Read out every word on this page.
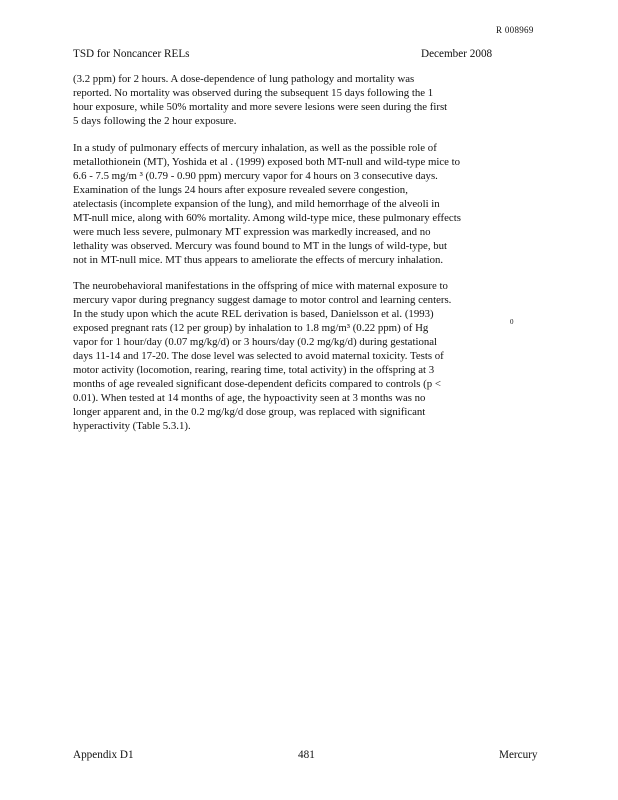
R 008969
TSD for Noncancer RELs	December 2008
(3.2 ppm) for 2 hours. A dose-dependence of lung pathology and mortality was
reported. No mortality was observed during the subsequent 15 days following the 1
hour exposure, while 50% mortality and more severe lesions were seen during the first
5 days following the 2 hour exposure.
In a study of pulmonary effects of mercury inhalation, as well as the possible role of
metallothionein (MT), Yoshida et al . (1999) exposed both MT-null and wild-type mice to
6.6 - 7.5 mg/m ³ (0.79 - 0.90 ppm) mercury vapor for 4 hours on 3 consecutive days.
Examination of the lungs 24 hours after exposure revealed severe congestion,
atelectasis (incomplete expansion of the lung), and mild hemorrhage of the alveoli in
MT-null mice, along with 60% mortality. Among wild-type mice, these pulmonary effects
were much less severe, pulmonary MT expression was markedly increased, and no
lethality was observed. Mercury was found bound to MT in the lungs of wild-type, but
not in MT-null mice. MT thus appears to ameliorate the effects of mercury inhalation.
The neurobehavioral manifestations in the offspring of mice with maternal exposure to
mercury vapor during pregnancy suggest damage to motor control and learning centers.
In the study upon which the acute REL derivation is based, Danielsson et al. (1993)
exposed pregnant rats (12 per group) by inhalation to 1.8 mg/m³ (0.22 ppm) of Hg
vapor for 1 hour/day (0.07 mg/kg/d) or 3 hours/day (0.2 mg/kg/d) during gestational
days 11-14 and 17-20. The dose level was selected to avoid maternal toxicity. Tests of
motor activity (locomotion, rearing, rearing time, total activity) in the offspring at 3
months of age revealed significant dose-dependent deficits compared to controls (p <
0.01). When tested at 14 months of age, the hypoactivity seen at 3 months was no
longer apparent and, in the 0.2 mg/kg/d dose group, was replaced with significant
hyperactivity (Table 5.3.1).
0
Appendix D1	481	Mercury
